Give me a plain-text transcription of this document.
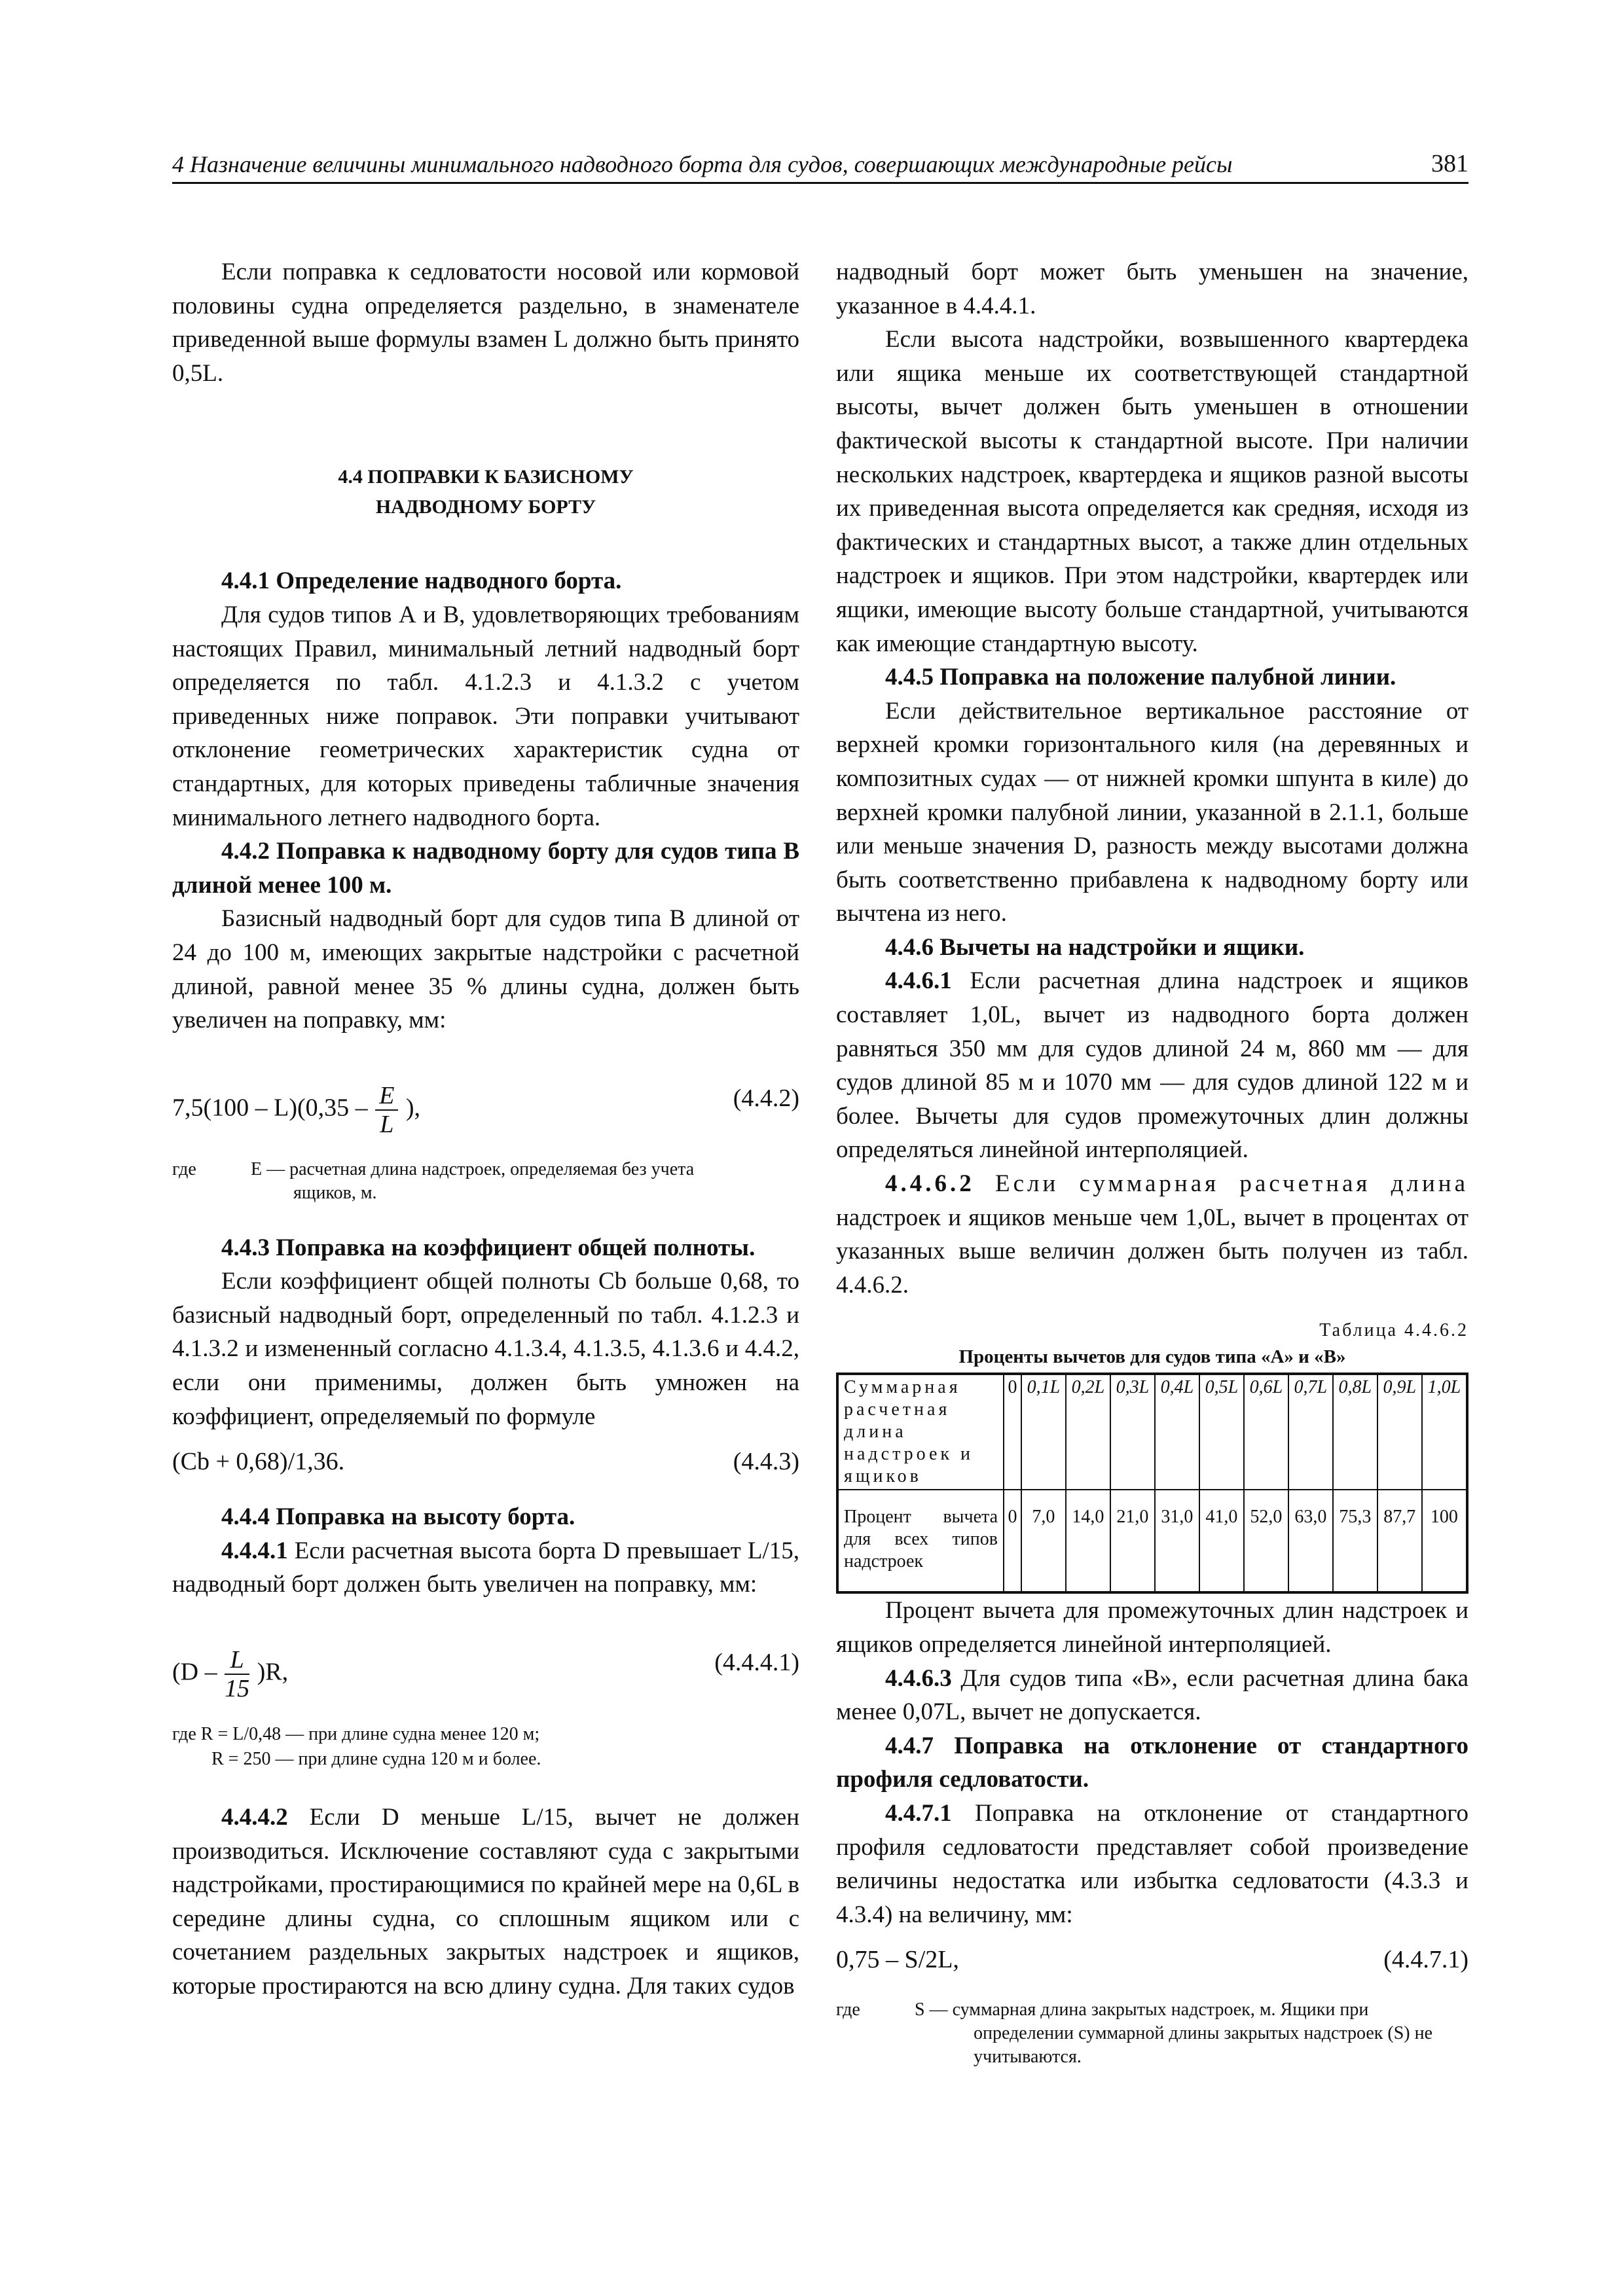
4 Назначение величины минимального надводного борта для судов, совершающих международные рейсы	381

Если поправка к седловатости носовой или кормовой половины судна определяется раздельно, в знаменателе приведенной выше формулы взамен L должно быть принято 0,5L.

4.4 ПОПРАВКИ К БАЗИСНОМУ
НАДВОДНОМУ БОРТУ

4.4.1 Определение надводного борта.

Для судов типов А и В, удовлетворяющих требованиям настоящих Правил, минимальный летний надводный борт определяется по табл. 4.1.2.3 и 4.1.3.2 с учетом приведенных ниже поправок. Эти поправки учитывают отклонение геометрических характеристик судна от стандартных, для которых приведены табличные значения минимального летнего надводного борта.

4.4.2 Поправка к надводному борту для судов типа В длиной менее 100 м.

Базисный надводный борт для судов типа В длиной от 24 до 100 м, имеющих закрытые надстройки с расчетной длиной, равной менее 35 % длины судна, должен быть увеличен на поправку, мм:

$7,5(100 - L)(0,35 - \frac{E}{L}$ ),	(4.4.2)
где	E — расчетная длина надстроек, определяемая без учета
ящиков, м.

4.4.3 Поправка на коэффициент общей полноты.

Если коэффициент общей полноты Cb больше 0,68, то базисный надводный борт, определенный по табл. 4.1.2.3 и 4.1.3.2 и измененный согласно 4.1.3.4, 4.1.3.5, 4.1.3.6 и 4.4.2, если они применимы, должен быть умножен на коэффициент, определяемый по формуле

(Cb + 0,68)/1,36.	(4.4.3)

4.4.4 Поправка на высоту борта.

4.4.4.1 Если расчетная высота борта D превышает L/15, надводный борт должен быть увеличен на поправку, мм:

$(D - \frac{L}{15} )R$,	(4.4.4.1)
где R = L/0,48 — при длине судна менее 120 м;
R = 250 — при длине судна 120 м и более.

4.4.4.2 Если D меньше L/15, вычет не должен производиться. Исключение составляют суда с закрытыми надстройками, простирающимися по крайней мере на 0,6L в середине длины судна, со сплошным ящиком или с сочетанием раздельных закрытых надстроек и ящиков, которые простираются на всю длину судна. Для таких судов

надводный борт может быть уменьшен на значение, указанное в 4.4.4.1.

Если высота надстройки, возвышенного квартердека или ящика меньше их соответствующей стандартной высоты, вычет должен быть уменьшен в отношении фактической высоты к стандартной высоте. При наличии нескольких надстроек, квартердека и ящиков разной высоты их приведенная высота определяется как средняя, исходя из фактических и стандартных высот, а также длин отдельных надстроек и ящиков. При этом надстройки, квартердек или ящики, имеющие высоту больше стандартной, учитываются как имеющие стандартную высоту.

4.4.5 Поправка на положение палубной линии.

Если действительное вертикальное расстояние от верхней кромки горизонтального киля (на деревянных и композитных судах — от нижней кромки шпунта в киле) до верхней кромки палубной линии, указанной в 2.1.1, больше или меньше значения D, разность между высотами должна быть соответственно прибавлена к надводному борту или вычтена из него.

4.4.6 Вычеты на надстройки и ящики.

4.4.6.1 Если расчетная длина надстроек и ящиков составляет 1,0L, вычет из надводного борта должен равняться 350 мм для судов длиной 24 м, 860 мм — для судов длиной 85 м и 1070 мм — для судов длиной 122 м и более. Вычеты для судов промежуточных длин должны определяться линейной интерполяцией.

4.4.6.2 Если суммарная расчетная длина надстроек и ящиков меньше чем 1,0L, вычет в процентах от указанных выше величин должен быть получен из табл. 4.4.6.2.

Таблица 4.4.6.2
Проценты вычетов для судов типа «А» и «В»
Суммарная расчетная длина надстроек и ящиков	0	0,1L	0,2L	0,3L	0,4L	0,5L	0,6L	0,7L	0,8L	0,9L	1,0L
Процент вычета для всех типов надстроек	0	7,0	14,0	21,0	31,0	41,0	52,0	63,0	75,3	87,7	100

Процент вычета для промежуточных длин надстроек и ящиков определяется линейной интерполяцией.

4.4.6.3 Для судов типа «В», если расчетная длина бака менее 0,07L, вычет не допускается.

4.4.7 Поправка на отклонение от стандартного профиля седловатости.

4.4.7.1 Поправка на отклонение от стандартного профиля седловатости представляет собой произведение величины недостатка или избытка седловатости (4.3.3 и 4.3.4) на величину, мм:

0,75 – S/2L,	(4.4.7.1)
где	S — суммарная длина закрытых надстроек, м. Ящики при определении суммарной длины закрытых надстроек (S) не учитываются.
